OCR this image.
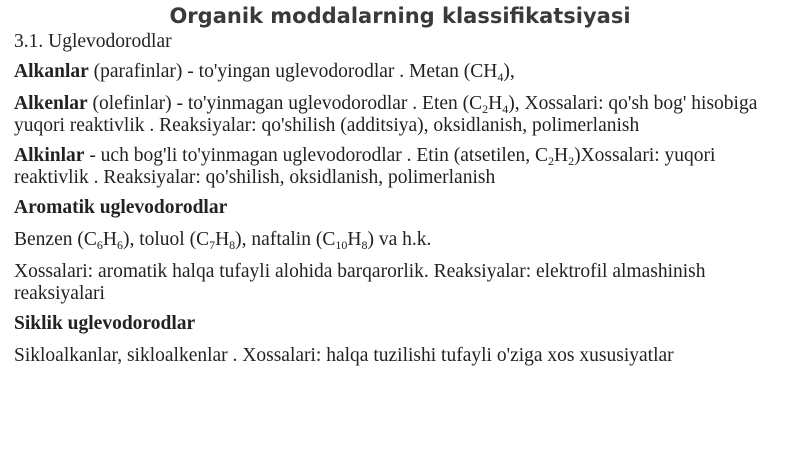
Organik moddalarning klassifikatsiyasi

3.1. Uglevodorodlar

Alkanlar (parafinlar) - to'yingan uglevodorodlar . Metan $(CH_4)$,

Alkenlar (olefinlar) - to'yinmagan uglevodorodlar . Eten $(C_2H_4)$, Xossalari: qo'sh bog' hisobiga yuqori reaktivlik . Reaksiyalar: qo'shilish (additsiya), oksidlanish, polimerlanish

Alkinlar - uch bog'li to'yinmagan uglevodorodlar . Etin (atsetilen, $C_2H_2)Xossalari$: yuqori reaktivlik . Reaksiyalar: qo'shilish, oksidlanish, polimerlanish

Aromatik uglevodorodlar

Benzen $(C_6H_6)$, toluol $(C_7H_8)$, naftalin $(C_{10}H_8)$ va h.k.

Xossalari: aromatik halqa tufayli alohida barqarorlik. Reaksiyalar: elektrofil almashinish reaksiyalari

Siklik uglevodorodlar

Sikloalkanlar, sikloalkenlar . Xossalari: halqa tuzilishi tufayli o'ziga xos xususiyatlar
